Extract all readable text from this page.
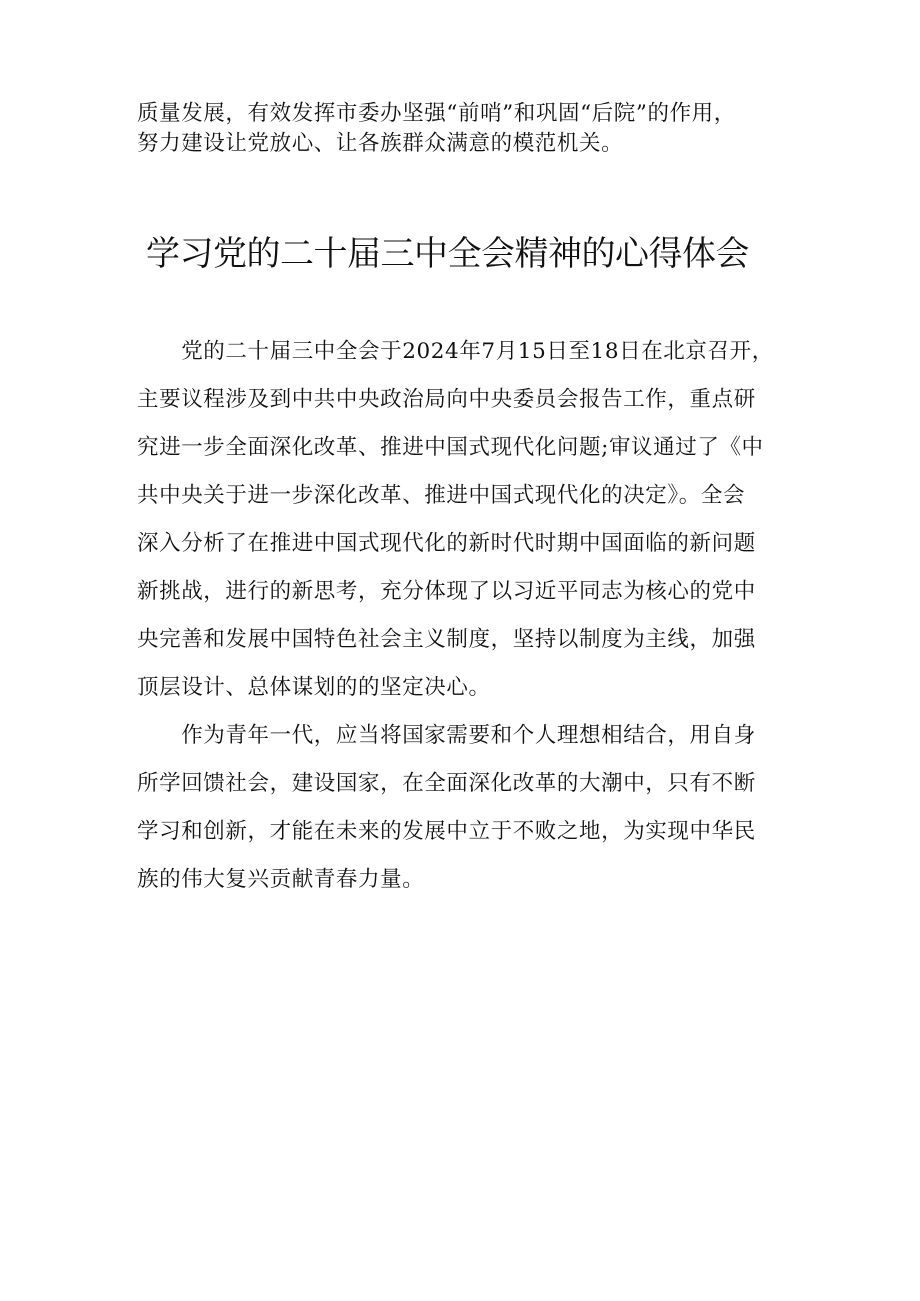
质量发展，有效发挥市委办坚强“前哨”和巩固“后院”的作用，
努力建设让党放心、让各族群众满意的模范机关。
学习党的二十届三中全会精神的心得体会
　　党的二十届三中全会于2024年7月15日至18日在北京召开，
主要议程涉及到中共中央政治局向中央委员会报告工作，重点研
究进一步全面深化改革、推进中国式现代化问题;审议通过了《中
共中央关于进一步深化改革、推进中国式现代化的决定》。全会
深入分析了在推进中国式现代化的新时代时期中国面临的新问题
新挑战，进行的新思考，充分体现了以习近平同志为核心的党中
央完善和发展中国特色社会主义制度，坚持以制度为主线，加强
顶层设计、总体谋划的的坚定决心。
　　作为青年一代，应当将国家需要和个人理想相结合，用自身
所学回馈社会，建设国家，在全面深化改革的大潮中，只有不断
学习和创新，才能在未来的发展中立于不败之地，为实现中华民
族的伟大复兴贡献青春力量。
